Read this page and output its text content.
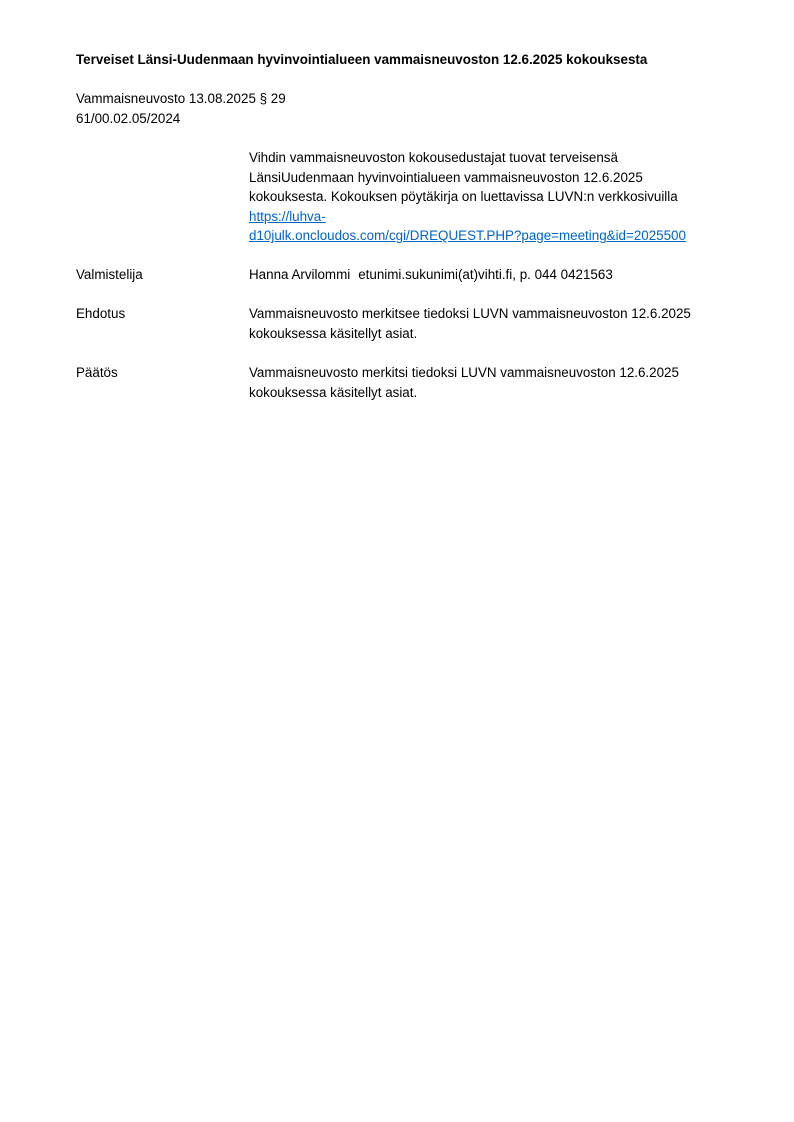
Terveiset Länsi-Uudenmaan hyvinvointialueen vammaisneuvoston 12.6.2025 kokouksesta
Vammaisneuvosto 13.08.2025 § 29
61/00.02.05/2024
Vihdin vammaisneuvoston kokousedustajat tuovat terveisensä
LänsiUudenmaan hyvinvointialueen vammaisneuvoston 12.6.2025
kokouksesta. Kokouksen pöytäkirja on luettavissa LUVN:n verkkosivuilla
https://luhva-
d10julk.oncloudos.com/cgi/DREQUEST.PHP?page=meeting&id=2025500
Valmistelija	Hanna Arvilommi etunimi.sukunimi(at)vihti.fi, p. 044 0421563
Ehdotus	Vammaisneuvosto merkitsee tiedoksi LUVN vammaisneuvoston 12.6.2025
kokouksessa käsitellyt asiat.
Päätös	Vammaisneuvosto merkitsi tiedoksi LUVN vammaisneuvoston 12.6.2025
kokouksessa käsitellyt asiat.
